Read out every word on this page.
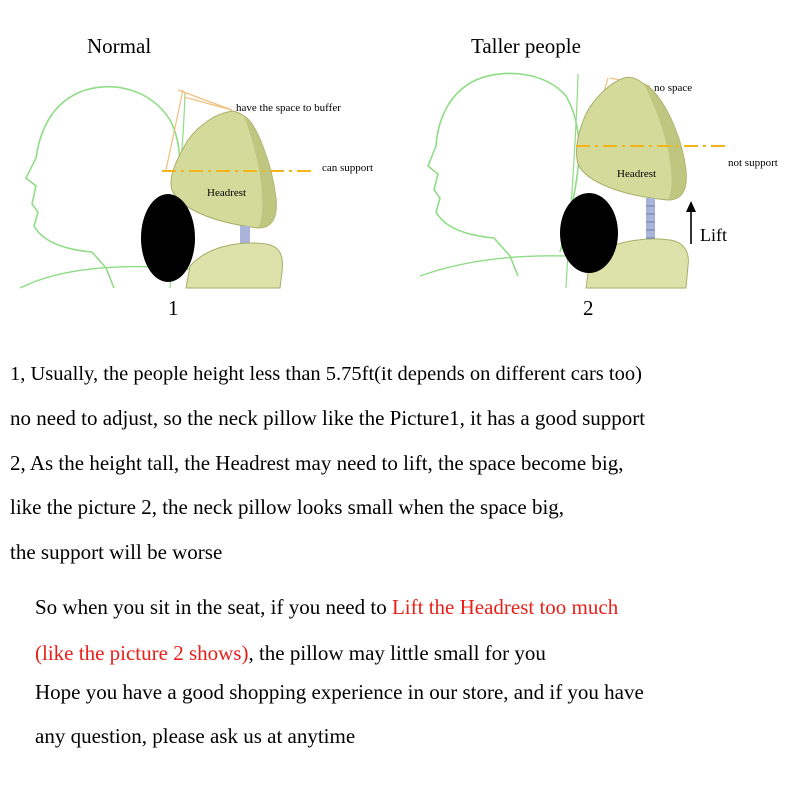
Normal
have the space to buffer
can support
Headrest
1
Taller people
no space
not support
Headrest
Lift
2
1, Usually, the people height less than 5.75ft(it depends on different cars too)
no need to adjust, so the neck pillow like the Picture1, it has a good support
2, As the height tall, the Headrest may need to lift, the space become big,
like the picture 2, the neck pillow looks small when the space big,
the support will be worse
So when you sit in the seat, if you need to Lift the Headrest too much
(like the picture 2 shows), the pillow may little small for you
Hope you have a good shopping experience in our store, and if you have
any question, please ask us at anytime
